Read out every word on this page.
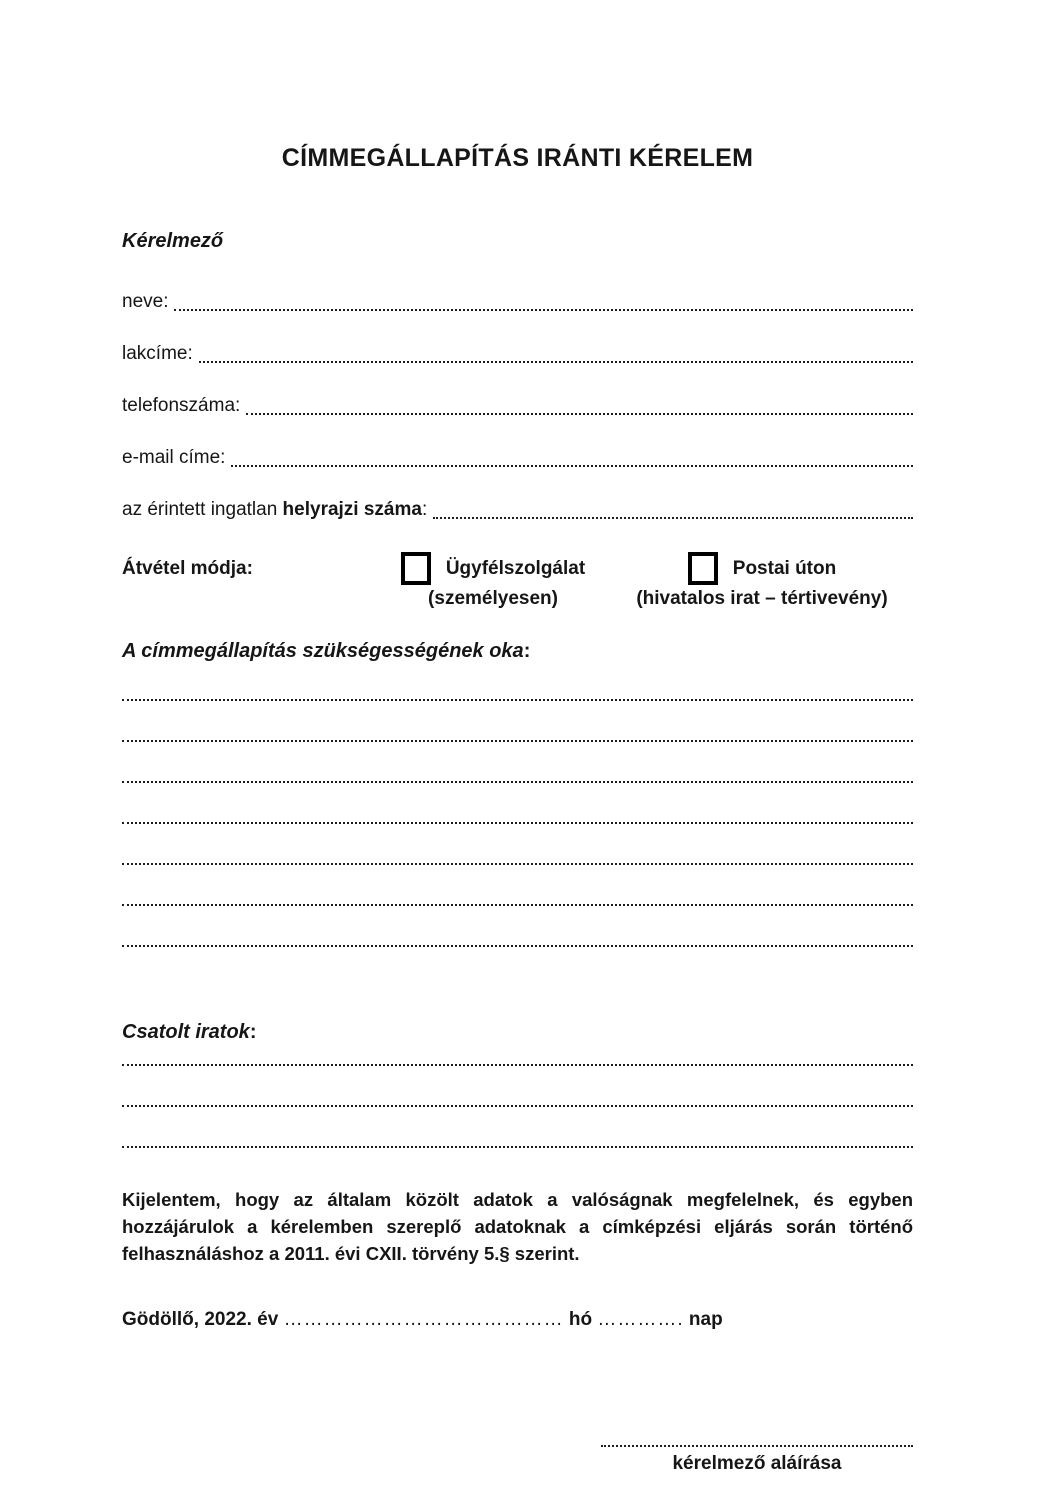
CÍMMEGÁLLAPÍTÁS IRÁNTI KÉRELEM
Kérelmező
neve:
lakcíme:
telefonszáma:
e-mail címe:
az érintett ingatlan helyrajzi száma:
Átvétel módja:	Ügyfélszolgálat
(személyesen)
Postai úton
(hivatalos irat – tértivevény)
A címmegállapítás szükségességének oka:
Csatolt iratok:

Kijelentem, hogy az általam közölt adatok a valóságnak megfelelnek, és egyben hozzájárulok a kérelemben szereplő adatoknak a címképzési eljárás során történő felhasználáshoz a 2011. évi CXII. törvény 5.§ szerint.

Gödöllő, 2022. év …………………………………… hó …………. nap
kérelmező aláírása
